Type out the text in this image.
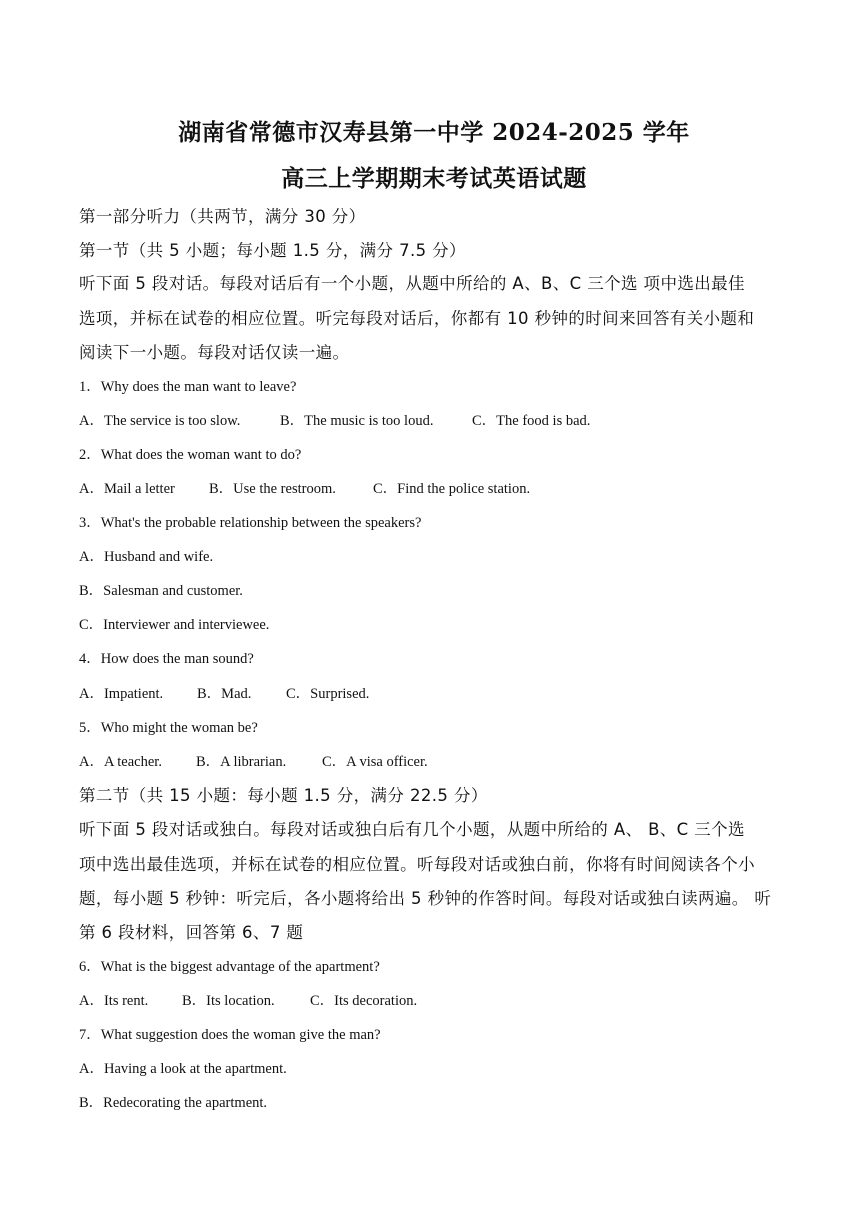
湖南省常德市汉寿县第一中学 2024-2025 学年
高三上学期期末考试英语试题
第一部分听力（共两节，满分 30 分）
第一节（共 5 小题；每小题 1.5 分，满分 7.5 分）
听下面 5 段对话。每段对话后有一个小题，从题中所给的 A、B、C 三个选 项中选出最佳
选项，并标在试卷的相应位置。听完每段对话后，你都有 10 秒钟的时间来回答有关小题和
阅读下一小题。每段对话仅读一遍。
1．Why does the man want to leave?
A．The service is too slow.	B．The music is too loud.	C．The food is bad.
2．What does the woman want to do?
A．Mail a letter B．Use the restroom.	C．Find the police station.
3．What's the probable relationship between the speakers?
A．Husband and wife.
B．Salesman and customer.
C．Interviewer and interviewee.
4．How does the man sound?
A．Impatient. B．Mad. C．Surprised.
5．Who might the woman be?
A．A teacher. B．A librarian. C．A visa officer.
第二节（共 15 小题：每小题 1.5 分，满分 22.5 分）
听下面 5 段对话或独白。每段对话或独白后有几个小题，从题中所给的 A、 B、C 三个选
项中选出最佳选项，并标在试卷的相应位置。听每段对话或独白前，你将有时间阅读各个小
题，每小题 5 秒钟：听完后，各小题将给出 5 秒钟的作答时间。每段对话或独白读两遍。 听
第 6 段材料，回答第 6、7 题
6．What is the biggest advantage of the apartment?
A．Its rent. B．Its location. C．Its decoration.
7．What suggestion does the woman give the man?
A．Having a look at the apartment.
B．Redecorating the apartment.
